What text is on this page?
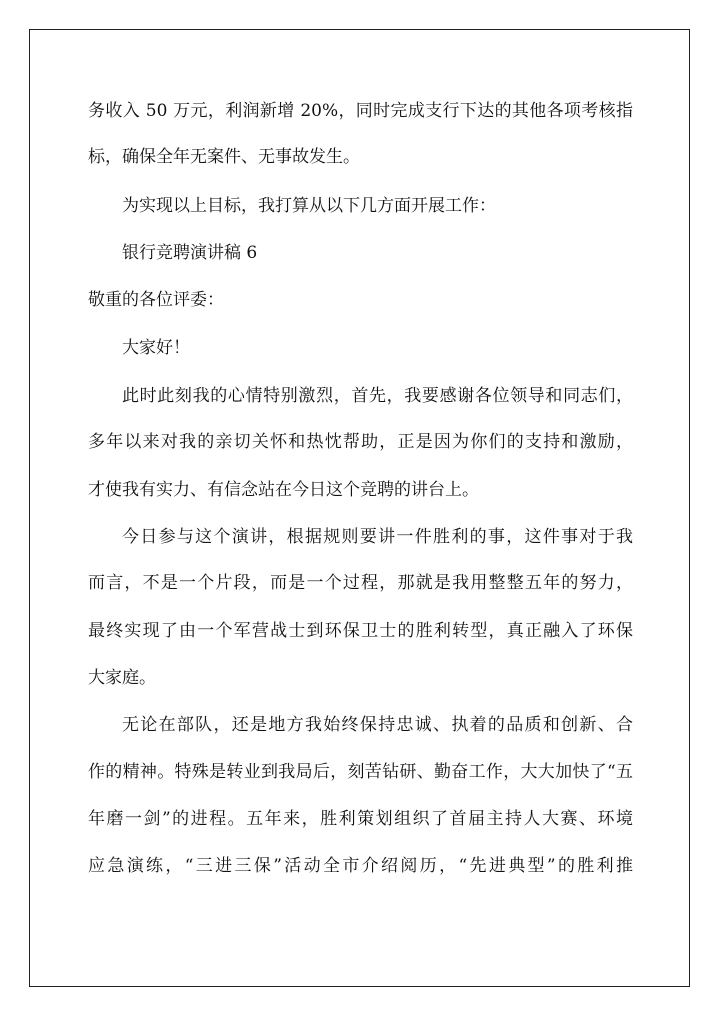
务收入 50 万元，利润新增 20%，同时完成支行下达的其他各项考核指
标，确保全年无案件、无事故发生。
为实现以上目标，我打算从以下几方面开展工作：
银行竞聘演讲稿 6
敬重的各位评委：
大家好！
此时此刻我的心情特别激烈，首先，我要感谢各位领导和同志们，
多年以来对我的亲切关怀和热忱帮助，正是因为你们的支持和激励，
才使我有实力、有信念站在今日这个竞聘的讲台上。
今日参与这个演讲，根据规则要讲一件胜利的事，这件事对于我
而言，不是一个片段，而是一个过程，那就是我用整整五年的努力，
最终实现了由一个军营战士到环保卫士的胜利转型，真正融入了环保
大家庭。
无论在部队，还是地方我始终保持忠诚、执着的品质和创新、合
作的精神。特殊是转业到我局后，刻苦钻研、勤奋工作，大大加快了“五
年磨一剑”的进程。五年来，胜利策划组织了首届主持人大赛、环境
应急演练，“三进三保”活动全市介绍阅历，“先进典型”的胜利推
